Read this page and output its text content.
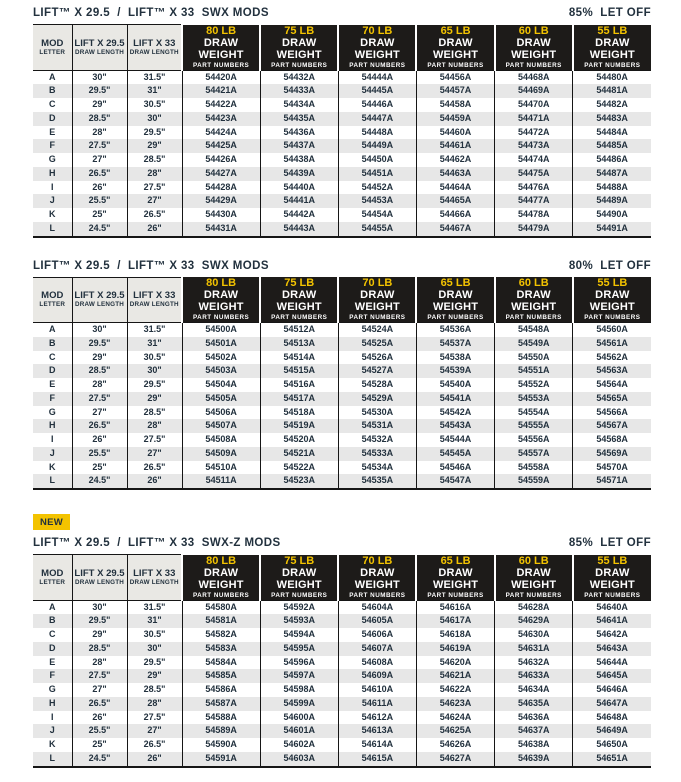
LIFT™ X 29.5  /  LIFT™ X 33  SWX MODS	85%  LET OFF
MOD
LETTER

LIFT X 29.5
DRAW LENGTH

LIFT X 33
DRAW LENGTH

80 LB
DRAW WEIGHT
PART NUMBERS

75 LB
DRAW WEIGHT
PART NUMBERS

70 LB
DRAW WEIGHT
PART NUMBERS

65 LB
DRAW WEIGHT
PART NUMBERS

60 LB
DRAW WEIGHT
PART NUMBERS

55 LB
DRAW WEIGHT
PART NUMBERS

A	30"	31.5"	54420A	54432A	54444A	54456A	54468A	54480A
B	29.5"	31"	54421A	54433A	54445A	54457A	54469A	54481A
C	29"	30.5"	54422A	54434A	54446A	54458A	54470A	54482A
D	28.5"	30"	54423A	54435A	54447A	54459A	54471A	54483A
E	28"	29.5"	54424A	54436A	54448A	54460A	54472A	54484A
F	27.5"	29"	54425A	54437A	54449A	54461A	54473A	54485A
G	27"	28.5"	54426A	54438A	54450A	54462A	54474A	54486A
H	26.5"	28"	54427A	54439A	54451A	54463A	54475A	54487A
I	26"	27.5"	54428A	54440A	54452A	54464A	54476A	54488A
J	25.5"	27"	54429A	54441A	54453A	54465A	54477A	54489A
K	25"	26.5"	54430A	54442A	54454A	54466A	54478A	54490A
L	24.5"	26"	54431A	54443A	54455A	54467A	54479A	54491A
LIFT™ X 29.5  /  LIFT™ X 33  SWX MODS	80%  LET OFF
MOD
LETTER

LIFT X 29.5
DRAW LENGTH

LIFT X 33
DRAW LENGTH

80 LB
DRAW WEIGHT
PART NUMBERS

75 LB
DRAW WEIGHT
PART NUMBERS

70 LB
DRAW WEIGHT
PART NUMBERS

65 LB
DRAW WEIGHT
PART NUMBERS

60 LB
DRAW WEIGHT
PART NUMBERS

55 LB
DRAW WEIGHT
PART NUMBERS

A	30"	31.5"	54500A	54512A	54524A	54536A	54548A	54560A
B	29.5"	31"	54501A	54513A	54525A	54537A	54549A	54561A
C	29"	30.5"	54502A	54514A	54526A	54538A	54550A	54562A
D	28.5"	30"	54503A	54515A	54527A	54539A	54551A	54563A
E	28"	29.5"	54504A	54516A	54528A	54540A	54552A	54564A
F	27.5"	29"	54505A	54517A	54529A	54541A	54553A	54565A
G	27"	28.5"	54506A	54518A	54530A	54542A	54554A	54566A
H	26.5"	28"	54507A	54519A	54531A	54543A	54555A	54567A
I	26"	27.5"	54508A	54520A	54532A	54544A	54556A	54568A
J	25.5"	27"	54509A	54521A	54533A	54545A	54557A	54569A
K	25"	26.5"	54510A	54522A	54534A	54546A	54558A	54570A
L	24.5"	26"	54511A	54523A	54535A	54547A	54559A	54571A
NEW
LIFT™ X 29.5  /  LIFT™ X 33  SWX-Z MODS	85%  LET OFF
MOD
LETTER

LIFT X 29.5
DRAW LENGTH

LIFT X 33
DRAW LENGTH

80 LB
DRAW WEIGHT
PART NUMBERS

75 LB
DRAW WEIGHT
PART NUMBERS

70 LB
DRAW WEIGHT
PART NUMBERS

65 LB
DRAW WEIGHT
PART NUMBERS

60 LB
DRAW WEIGHT
PART NUMBERS

55 LB
DRAW WEIGHT
PART NUMBERS

A	30"	31.5"	54580A	54592A	54604A	54616A	54628A	54640A
B	29.5"	31"	54581A	54593A	54605A	54617A	54629A	54641A
C	29"	30.5"	54582A	54594A	54606A	54618A	54630A	54642A
D	28.5"	30"	54583A	54595A	54607A	54619A	54631A	54643A
E	28"	29.5"	54584A	54596A	54608A	54620A	54632A	54644A
F	27.5"	29"	54585A	54597A	54609A	54621A	54633A	54645A
G	27"	28.5"	54586A	54598A	54610A	54622A	54634A	54646A
H	26.5"	28"	54587A	54599A	54611A	54623A	54635A	54647A
I	26"	27.5"	54588A	54600A	54612A	54624A	54636A	54648A
J	25.5"	27"	54589A	54601A	54613A	54625A	54637A	54649A
K	25"	26.5"	54590A	54602A	54614A	54626A	54638A	54650A
L	24.5"	26"	54591A	54603A	54615A	54627A	54639A	54651A
